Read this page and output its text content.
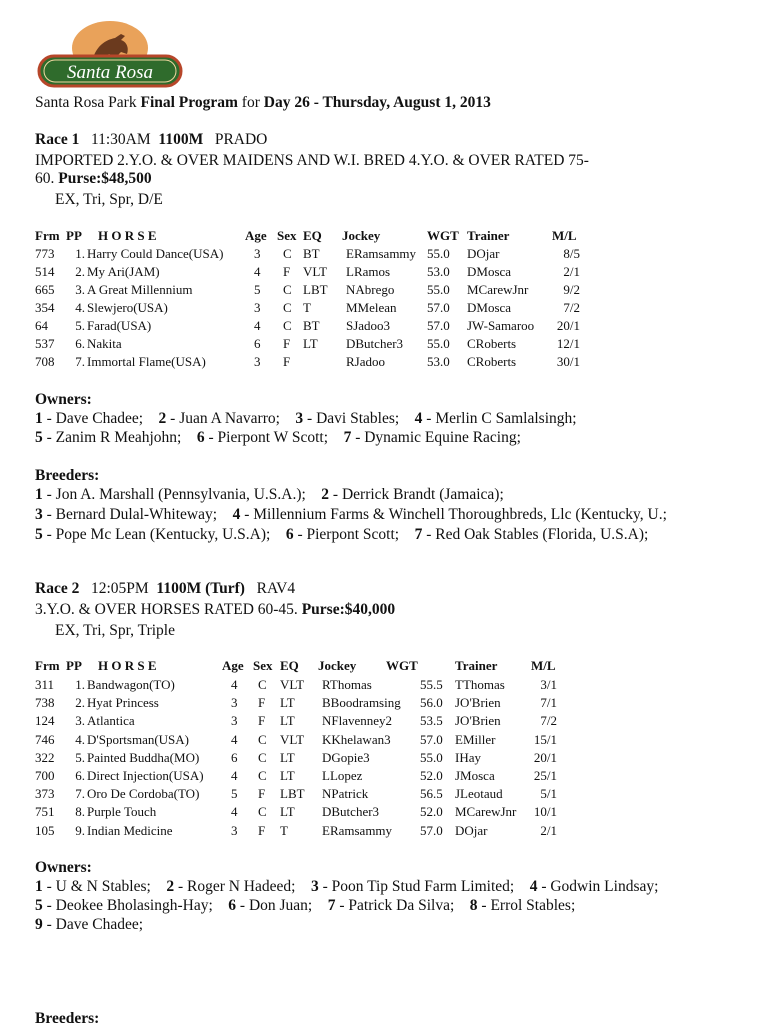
Santa Rosa
Santa Rosa Park Final Program for Day 26 - Thursday, August 1, 2013
Race 1 11:30AM 1100M PRADO
IMPORTED 2.Y.O. & OVER MAIDENS AND W.I. BRED 4.Y.O. & OVER RATED 75-
60. Purse:$48,500
EX, Tri, Spr, D/E
Frm PP H O R S E	Age Sex EQ Jockey	WGT Trainer	M/L
773	1. Harry Could Dance(USA) 3 C BT ERamsammy 55.0 DOjar	8/5
514	2. My Ari(JAM)	4 F VLT LRamos	53.0 DMosca	2/1
665	3. A Great Millennium	5 C LBT NAbrego	55.0 MCarewJnr	9/2
354	4. Slewjero(USA)	3 C T	MMelean 57.0 DMosca	7/2
64	5. Farad(USA)	4 C BT SJadoo3	57.0 JW-Samaroo	20/1
537	6. Nakita	6 F LT DButcher3 55.0 CRoberts	12/1
708	7. Immortal Flame(USA)	3 F	RJadoo	53.0 CRoberts	30/1
Owners:
1 - Dave Chadee; 2 - Juan A Navarro; 3 - Davi Stables; 4 - Merlin C Samlalsingh;
5 - Zanim R Meahjohn; 6 - Pierpont W Scott; 7 - Dynamic Equine Racing;
Breeders:
1 - Jon A. Marshall (Pennsylvania, U.S.A.); 2 - Derrick Brandt (Jamaica);
3 - Bernard Dulal-Whiteway; 4 - Millennium Farms & Winchell Thoroughbreds, Llc (Kentucky, U.;
5 - Pope Mc Lean (Kentucky, U.S.A); 6 - Pierpont Scott; 7 - Red Oak Stables (Florida, U.S.A);
Race 2 12:05PM 1100M (Turf) RAV4
3.Y.O. & OVER HORSES RATED 60-45. Purse:$40,000
EX, Tri, Spr, Triple
Frm PP H O R S E	Age Sex EQ Jockey WGT	Trainer	M/L
311	1. Bandwagon(TO)	4 C VLT RThomas	55.5 TThomas	3/1
738	2. Hyat Princess	3 F LT BBoodramsing 56.0 JO'Brien	7/1
124	3. Atlantica	3 F LT NFlavenney2 53.5 JO'Brien	7/2
746	4. D'Sportsman(USA)	4 C VLT KKhelawan3 57.0 EMiller	15/1
322	5. Painted Buddha(MO) 6 C LT DGopie3	55.0 IHay	20/1
700	6. Direct Injection(USA) 4 C LT LLopez	52.0 JMosca	25/1
373	7. Oro De Cordoba(TO) 5 F LBT NPatrick	56.5 JLeotaud	5/1
751	8. Purple Touch	4 C LT DButcher3	52.0 MCarewJnr	10/1
105	9. Indian Medicine	3 F T	ERamsammy 57.0 DOjar	2/1
Owners:
1 - U & N Stables; 2 - Roger N Hadeed; 3 - Poon Tip Stud Farm Limited; 4 - Godwin Lindsay;
5 - Deokee Bholasingh-Hay; 6 - Don Juan; 7 - Patrick Da Silva; 8 - Errol Stables;
9 - Dave Chadee;
Breeders:
